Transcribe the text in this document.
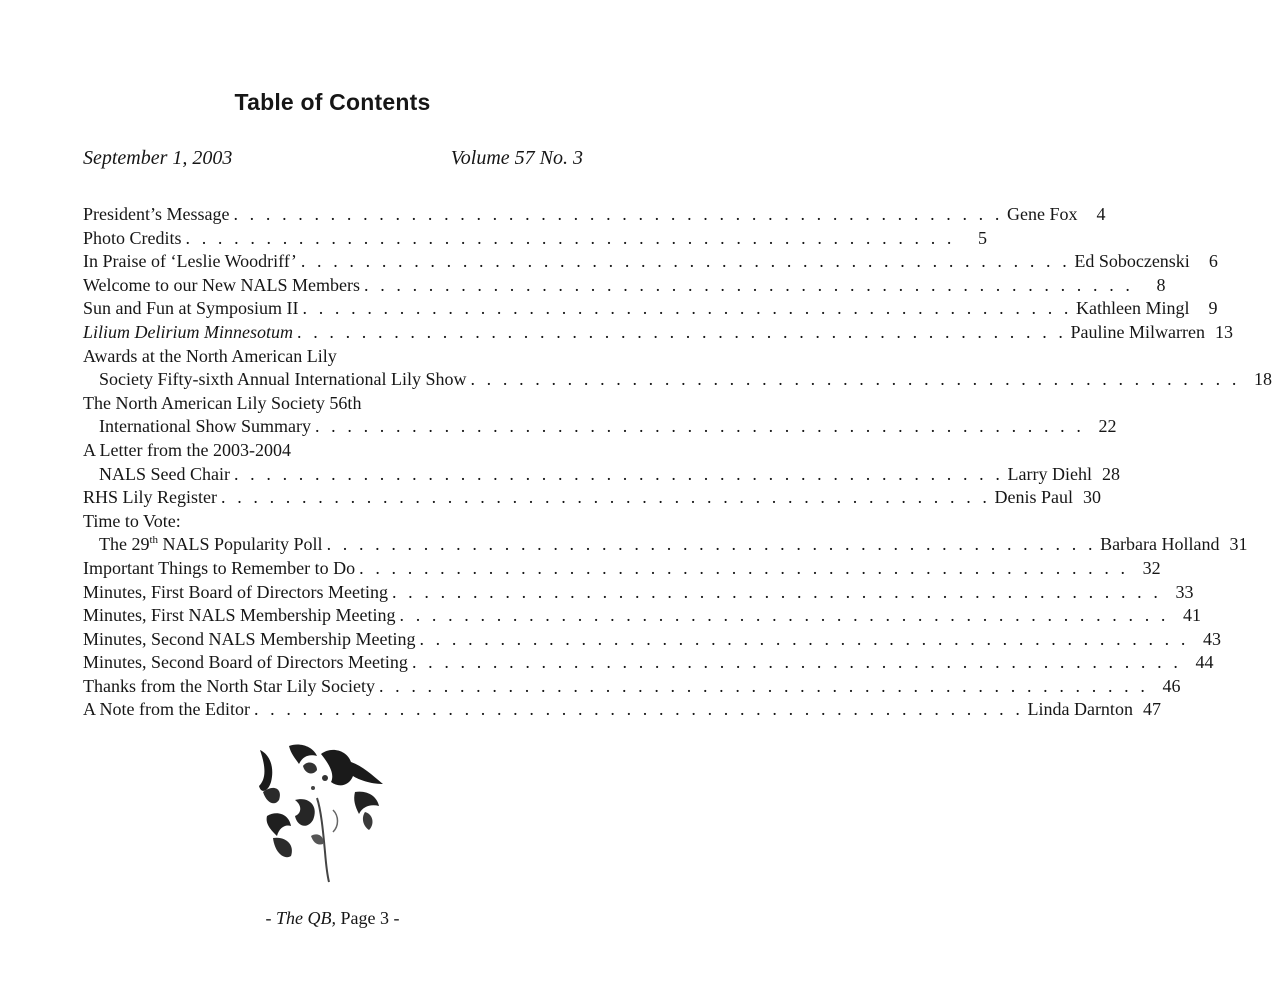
Table of Contents
September 1, 2003	Volume 57 No. 3
President’s Message . . . . . . . . . . . . . . . . . . . . . . . . . . . . . . . . . . . . . . . . . . . . . . . . Gene Fox	4
Photo Credits . . . . . . . . . . . . . . . . . . . . . . . . . . . . . . . . . . . . . . . . . . . . . . . .	5
In Praise of ‘Leslie Woodriff’ . . . . . . . . . . . . . . . . . . . . . . . . . . . . . . . . . . . . . . . . . . . . . . . . Ed Soboczenski	6
Welcome to our New NALS Members . . . . . . . . . . . . . . . . . . . . . . . . . . . . . . . . . . . . . . . . . . . . . . . .	8
Sun and Fun at Symposium II . . . . . . . . . . . . . . . . . . . . . . . . . . . . . . . . . . . . . . . . . . . . . . . . Kathleen Mingl	9
Lilium Delirium Minnesotum . . . . . . . . . . . . . . . . . . . . . . . . . . . . . . . . . . . . . . . . . . . . . . . . Pauline Milwarren 13
Awards at the North American Lily
Society Fifty-sixth Annual International Lily Show . . . . . . . . . . . . . . . . . . . . . . . . . . . . . . . . . . . . . . . . . . . . . . . . 18
The North American Lily Society 56th
International Show Summary . . . . . . . . . . . . . . . . . . . . . . . . . . . . . . . . . . . . . . . . . . . . . . . . 22
A Letter from the 2003-2004
NALS Seed Chair . . . . . . . . . . . . . . . . . . . . . . . . . . . . . . . . . . . . . . . . . . . . . . . . Larry Diehl 28
RHS Lily Register . . . . . . . . . . . . . . . . . . . . . . . . . . . . . . . . . . . . . . . . . . . . . . . . Denis Paul 30
Time to Vote:
The 29th NALS Popularity Poll . . . . . . . . . . . . . . . . . . . . . . . . . . . . . . . . . . . . . . . . . . . . . . . . Barbara Holland 31
Important Things to Remember to Do . . . . . . . . . . . . . . . . . . . . . . . . . . . . . . . . . . . . . . . . . . . . . . . . 32
Minutes, First Board of Directors Meeting . . . . . . . . . . . . . . . . . . . . . . . . . . . . . . . . . . . . . . . . . . . . . . . . 33
Minutes, First NALS Membership Meeting . . . . . . . . . . . . . . . . . . . . . . . . . . . . . . . . . . . . . . . . . . . . . . . . 41
Minutes, Second NALS Membership Meeting . . . . . . . . . . . . . . . . . . . . . . . . . . . . . . . . . . . . . . . . . . . . . . . . 43
Minutes, Second Board of Directors Meeting . . . . . . . . . . . . . . . . . . . . . . . . . . . . . . . . . . . . . . . . . . . . . . . . 44
Thanks from the North Star Lily Society . . . . . . . . . . . . . . . . . . . . . . . . . . . . . . . . . . . . . . . . . . . . . . . . 46
A Note from the Editor . . . . . . . . . . . . . . . . . . . . . . . . . . . . . . . . . . . . . . . . . . . . . . . . Linda Darnton 47
- The QB, Page 3 -
